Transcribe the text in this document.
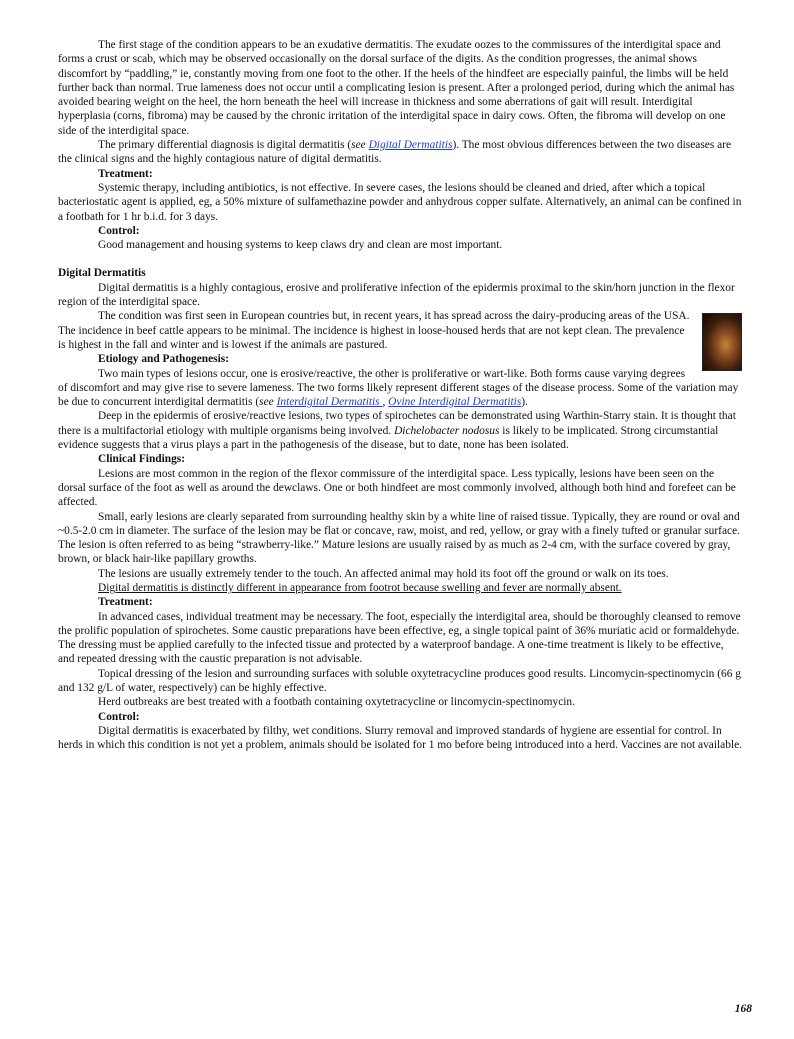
The first stage of the condition appears to be an exudative dermatitis. The exudate oozes to the commissures of the interdigital space and forms a crust or scab, which may be observed occasionally on the dorsal surface of the digits. As the condition progresses, the animal shows discomfort by “paddling,” ie, constantly moving from one foot to the other. If the heels of the hindfeet are especially painful, the limbs will be held further back than normal. True lameness does not occur until a complicating lesion is present. After a prolonged period, during which the animal has avoided bearing weight on the heel, the horn beneath the heel will increase in thickness and some aberrations of gait will result. Interdigital hyperplasia (corns, fibroma) may be caused by the chronic irritation of the interdigital space in dairy cows. Often, the fibroma will develop on one side of the interdigital space.

The primary differential diagnosis is digital dermatitis (see Digital Dermatitis). The most obvious differences between the two diseases are the clinical signs and the highly contagious nature of digital dermatitis.

Treatment:

Systemic therapy, including antibiotics, is not effective. In severe cases, the lesions should be cleaned and dried, after which a topical bacteriostatic agent is applied, eg, a 50% mixture of sulfamethazine powder and anhydrous copper sulfate. Alternatively, an animal can be confined in a footbath for 1 hr b.i.d. for 3 days.

Control:

Good management and housing systems to keep claws dry and clean are most important.

Digital Dermatitis

Digital dermatitis is a highly contagious, erosive and proliferative infection of the epidermis proximal to the skin/horn junction in the flexor region of the interdigital space.

The condition was first seen in European countries but, in recent years, it has spread across the dairy-producing areas of the USA. The incidence in beef cattle appears to be minimal. The incidence is highest in loose-housed herds that are not kept clean. The prevalence is highest in the fall and winter and is lowest if the animals are pastured.

Etiology and Pathogenesis:

Two main types of lesions occur, one is erosive/reactive, the other is proliferative or wart-like. Both forms cause varying degrees of discomfort and may give rise to severe lameness. The two forms likely represent different stages of the disease process. Some of the variation may be due to concurrent interdigital dermatitis (see Interdigital Dermatitis , Ovine Interdigital Dermatitis).

Deep in the epidermis of erosive/reactive lesions, two types of spirochetes can be demonstrated using Warthin-Starry stain. It is thought that there is a multifactorial etiology with multiple organisms being involved. Dichelobacter nodosus is likely to be implicated. Strong circumstantial evidence suggests that a virus plays a part in the pathogenesis of the disease, but to date, none has been isolated.

Clinical Findings:

Lesions are most common in the region of the flexor commissure of the interdigital space. Less typically, lesions have been seen on the dorsal surface of the foot as well as around the dewclaws. One or both hindfeet are most commonly involved, although both hind and forefeet can be affected.

Small, early lesions are clearly separated from surrounding healthy skin by a white line of raised tissue. Typically, they are round or oval and ~0.5-2.0 cm in diameter. The surface of the lesion may be flat or concave, raw, moist, and red, yellow, or gray with a finely tufted or granular surface. The lesion is often referred to as being “strawberry-like.” Mature lesions are usually raised by as much as 2-4 cm, with the surface covered by gray, brown, or black hair-like papillary growths.

The lesions are usually extremely tender to the touch. An affected animal may hold its foot off the ground or walk on its toes.

Digital dermatitis is distinctly different in appearance from footrot because swelling and fever are normally absent.

Treatment:

In advanced cases, individual treatment may be necessary. The foot, especially the interdigital area, should be thoroughly cleansed to remove the prolific population of spirochetes. Some caustic preparations have been effective, eg, a single topical paint of 36% muriatic acid or formaldehyde. The dressing must be applied carefully to the infected tissue and protected by a waterproof bandage. A one-time treatment is likely to be effective, and repeated dressing with the caustic preparation is not advisable.

Topical dressing of the lesion and surrounding surfaces with soluble oxytetracycline produces good results. Lincomycin-spectinomycin (66 g and 132 g/L of water, respectively) can be highly effective.

Herd outbreaks are best treated with a footbath containing oxytetracycline or lincomycin-spectinomycin.

Control:

Digital dermatitis is exacerbated by filthy, wet conditions. Slurry removal and improved standards of hygiene are essential for control. In herds in which this condition is not yet a problem, animals should be isolated for 1 mo before being introduced into a herd. Vaccines are not available.

168
